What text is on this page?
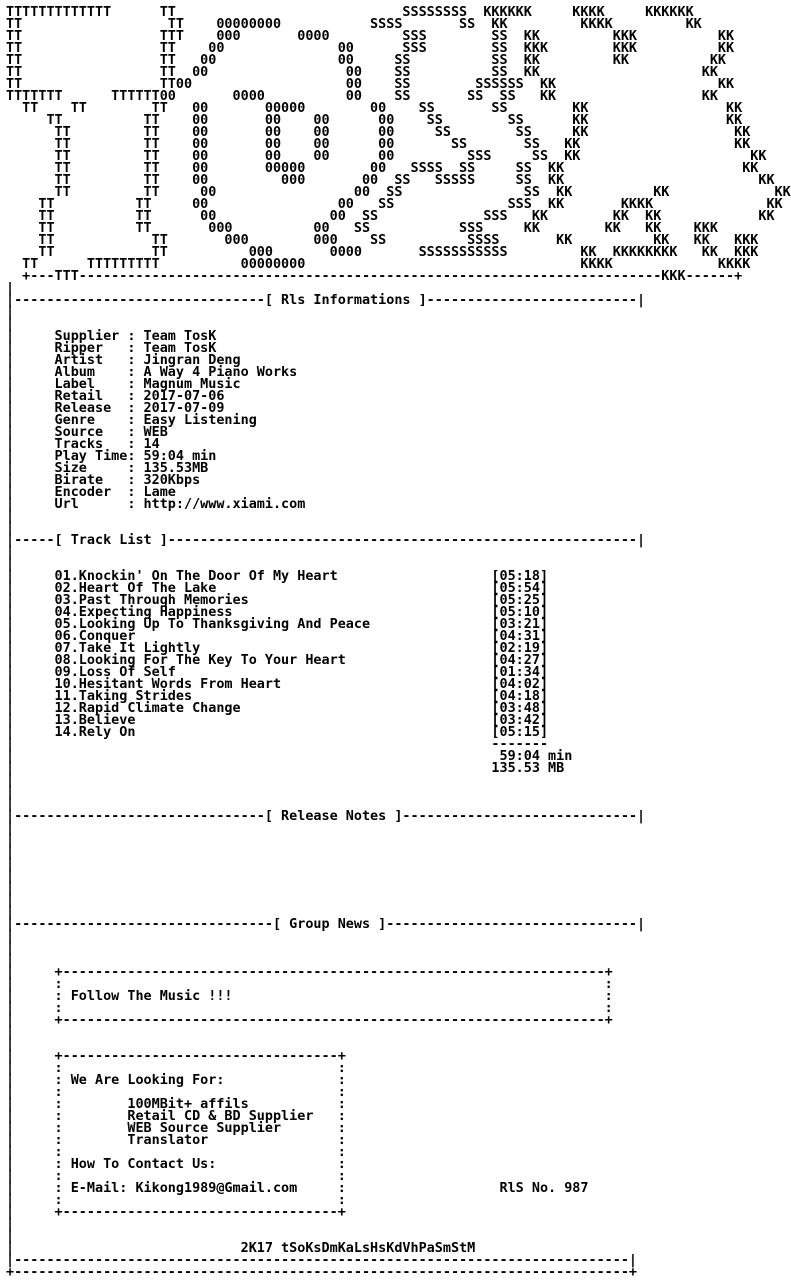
TTTTTTTTTTTTT      TT                            SSSSSSSS  KKKKKK     KKKK     KKKKKK
TT                  TT    00000000           SSSS       SS  KK         KKKK         KK
TT                 TTT    000       0000         SSS        SS  KK         KKK          KK
TT                 TT    00              00      SSS        SS  KKK        KKK          KK
TT                 TT   00               00     SS          SS  KK         KK          KK
TT                 TT  00                 00    SS          SS  KK                    KK
TT                 TT00                   00    SS        SSSSSS  KK                    KK
TTTTTTT      TTTTTT00       0000          00    SS       SS  SS   KK                  KK
TT    TT        TT   00       00000        00    SS       SS        KK                 KK
TT          TT    00       00    00      00    SS        SS      KK                 KK
TT         TT    00       00    00      00     SS        SS     KK                  KK
TT         TT    00       00    00      00       SS       SS   KK                   KK
TT         TT    00       00    00      00         SSS     SS  KK                     KK
TT         TT    00       00000        00   SSSS  SS     SS  KK                      KK
TT         TT    00         000       00  SS   SSSSS     SS  KK                        KK
TT         TT     00                 00  SS               SS  KK          KK             KK
TT          TT     00                00   SS              SSS  KK       KKKK              KK
TT          TT      00              00  SS             SSS   KK        KK  KK            KK
TT          TT       000          00   SS           SSS     KK        KK   KK    KKK
TT            TT       000        000    SS          SSSS       KK          KK   KK   KKK
TT            TT          000       0000       SSSSSSSSSSS         KK  KKKKKKKK   KK  KKK
TT      TTTTTTTTT          00000000                                  KKKK             KKKK
+---TTT------------------------------------------------------------------------KKK------+
|
|-------------------------------[ Rls Informations ]--------------------------|
|
|
|     Supplier : Team TosK
|     Ripper   : Team TosK
|     Artist   : Jingran Deng
|     Album    : A Way 4 Piano Works
|     Label    : Magnum Music
|     Retail   : 2017-07-06
|     Release  : 2017-07-09
|     Genre    : Easy Listening
|     Source   : WEB
|     Tracks   : 14
|     Play Time: 59:04 min
|     Size     : 135.53MB
|     Birate   : 320Kbps
|     Encoder  : Lame
|     Url      : http://www.xiami.com
|
|
|-----[ Track List ]----------------------------------------------------------|
|
|
|     01.Knockin' On The Door Of My Heart                   [05:18]
|     02.Heart Of The Lake                                  [05:54]
|     03.Past Through Memories                              [05:25]
|     04.Expecting Happiness                                [05:10]
|     05.Looking Up To Thanksgiving And Peace               [03:21]
|     06.Conquer                                            [04:31]
|     07.Take It Lightly                                    [02:19]
|     08.Looking For The Key To Your Heart                  [04:27]
|     09.Loss Of Self                                       [01:34]
|     10.Hesitant Words From Heart                          [04:02]
|     11.Taking Strides                                     [04:18]
|     12.Rapid Climate Change                               [03:48]
|     13.Believe                                            [03:42]
|     14.Rely On                                            [05:15]
|                                                           -------
|                                                            59:04 min
|                                                           135.53 MB
|
|
|
|-------------------------------[ Release Notes ]-----------------------------|
|
|
|
|
|
|
|
|
|--------------------------------[ Group News ]-------------------------------|
|
|
|
|     +-------------------------------------------------------------------+
|     :                                                                   :
|     : Follow The Music !!!                                              :
|     :                                                                   :
|     +-------------------------------------------------------------------+
|
|
|     +----------------------------------+
|     :                                  :
|     : We Are Looking For:              :
|     :                                  :
|     :        100MBit+ affils           :
|     :        Retail CD & BD Supplier   :
|     :        WEB Source Supplier       :
|     :        Translator                :
|     :                                  :
|     : How To Contact Us:               :
|     :                                  :
|     : E-Mail: Kikong1989@Gmail.com     :                   RlS No. 987
|     :                                  :
|     +----------------------------------+
|
|
|                            2K17 tSoKsDmKaLsHsKdVhPaSmStM
|----------------------------------------------------------------------------|
+----------------------------------------------------------------------------+
